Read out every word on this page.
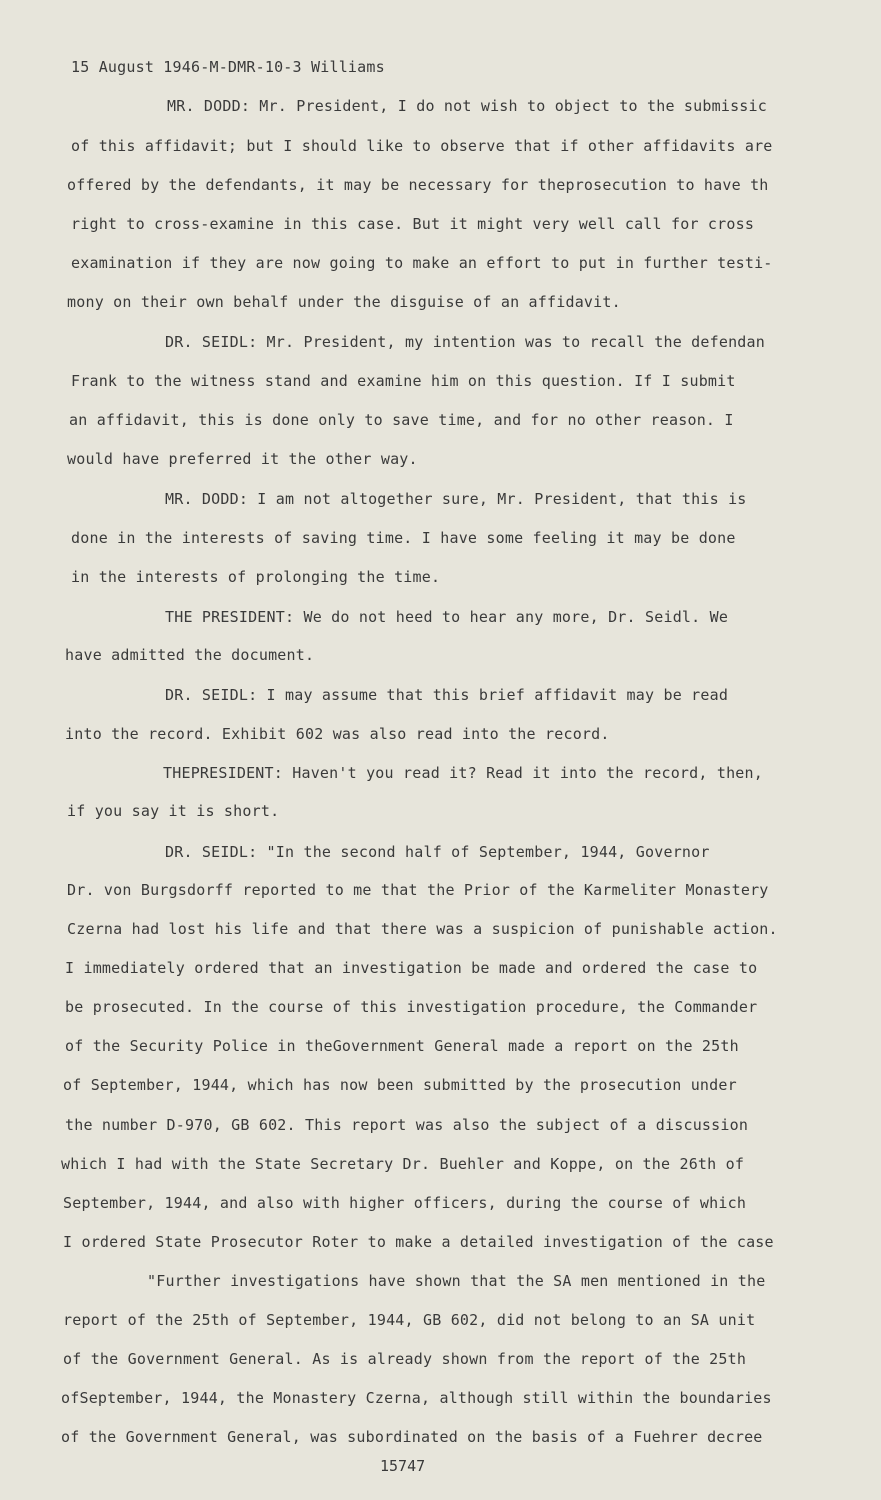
15 August 1946-M-DMR-10-3 Williams
MR. DODD: Mr. President, I do not wish to object to the submissic
of this affidavit; but I should like to observe that if other affidavits are
offered by the defendants, it may be necessary for theprosecution to have th
right to cross-examine in this case. But it might very well call for cross
examination if they are now going to make an effort to put in further testi-
mony on their own behalf under the disguise of an affidavit.
DR. SEIDL: Mr. President, my intention was to recall the defendan
Frank to the witness stand and examine him on this question. If I submit
an affidavit, this is done only to save time, and for no other reason. I
would have preferred it the other way.
MR. DODD: I am not altogether sure, Mr. President, that this is
done in the interests of saving time. I have some feeling it may be done
in the interests of prolonging the time.
THE PRESIDENT: We do not heed to hear any more, Dr. Seidl. We
have admitted the document.
DR. SEIDL: I may assume that this brief affidavit may be read
into the record. Exhibit 602 was also read into the record.
THEPRESIDENT: Haven't you read it? Read it into the record, then,
if you say it is short.
DR. SEIDL: "In the second half of September, 1944, Governor
Dr. von Burgsdorff reported to me that the Prior of the Karmeliter Monastery
Czerna had lost his life and that there was a suspicion of punishable action.
I immediately ordered that an investigation be made and ordered the case to
be prosecuted. In the course of this investigation procedure, the Commander
of the Security Police in theGovernment General made a report on the 25th
of September, 1944, which has now been submitted by the prosecution under
the number D-970, GB 602. This report was also the subject of a discussion
which I had with the State Secretary Dr. Buehler and Koppe, on the 26th of
September, 1944, and also with higher officers, during the course of which
I ordered State Prosecutor Roter to make a detailed investigation of the case
"Further investigations have shown that the SA men mentioned in the
report of the 25th of September, 1944, GB 602, did not belong to an SA unit
of the Government General. As is already shown from the report of the 25th
ofSeptember, 1944, the Monastery Czerna, although still within the boundaries
of the Government General, was subordinated on the basis of a Fuehrer decree
15747
